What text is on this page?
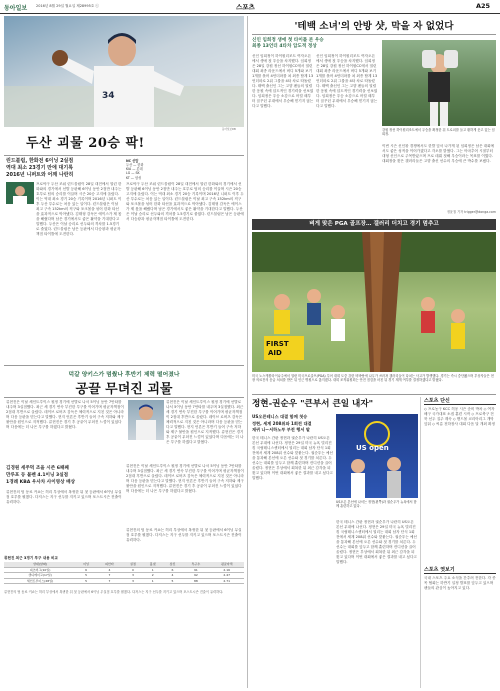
동아일보	2016년 8월 29일 월요일 제28995호 ⓒ	스포츠	A25
34
동아일보DB
두산 괴물 20승 팍!
린드블럼, 한화전 6이닝 2실점
역대 최소 23경기 만에 대기록
2016년 니퍼트와 어깨 나란히
NC 선발
두산 — 한화
KIA — 롯데
LG — SK
KT — 삼성
프로야구 두산 조쉬 린드블럼이 28일 대전에서 열린 한화와의 경기에서 선발 등판해 6이닝 동안 2점만 내주는 호투로 팀의 승리를 이끌며 시즌 20승 고지에 올랐다. 이는 역대 최소 경기 20승 기록이며 2016년 니퍼트 이후 두산 투수로는 처음 있는 일이다. 린드블럼은 이날 최고 구속 152km의 직구와 포크볼을 섞어 한화 타선을 효과적으로 막아냈다. 김태형 감독은 에이스가 제 몫을 해줬다며 남은 경기에서도 좋은 활약을 기대한다고 말했다. 두산은 이날 승리로 선두와의 격차를 1.5경기로 줄였다. 린드블럼은 남은 등판에서 다승왕과 평균자책점 타이틀에 도전한다.
프로야구 두산 조쉬 린드블럼이 28일 대전에서 열린 한화와의 경기에서 선발 등판해 6이닝 동안 2점만 내주는 호투로 팀의 승리를 이끌며 시즌 20승 고지에 올랐다. 이는 역대 최소 경기 20승 기록이며 2016년 니퍼트 이후 두산 투수로는 처음 있는 일이다. 린드블럼은 이날 최고 구속 152km의 직구와 포크볼을 섞어 한화 타선을 효과적으로 막아냈다. 김태형 감독은 에이스가 제 몫을 해줬다며 남은 경기에서도 좋은 활약을 기대한다고 말했다. 두산은 이날 승리로 선두와의 격차를 1.5경기로 줄였다. 린드블럼은 남은 등판에서 다승왕과 평균자책점 타이틀에 도전한다.
덕갈 양키스가 멈췄나 후반기 제력 떨어졌나
공끌 무뎌진 괴물
류현진은 이날 세인트루이스 원정 경기에 선발로 나서 5이닝 동안 7안타를 내주며 3실점했다. 최근 세 경기 연속 부진한 투구를 이어가며 평균자책점이 2점대 후반으로 올랐다. 데이브 로버츠 감독은 체력적으로 지친 것은 아니라며 다음 등판을 믿는다고 말했다. 현지 언론은 후반기 들어 구속 저하와 제구 불안을 원인으로 지적했다. 류현진은 경기 후 공끝이 무뎌진 느낌이 있었다며 다음에는 더 나은 투구를 하겠다고 밝혔다.
류현진은 이날 세인트루이스 원정 경기에 선발로 나서 5이닝 동안 7안타를 내주며 3실점했다. 최근 세 경기 연속 부진한 투구를 이어가며 평균자책점이 2점대 후반으로 올랐다. 데이브 로버츠 감독은 체력적으로 지친 것은 아니라며 다음 등판을 믿는다고 말했다. 현지 언론은 후반기 들어 구속 저하와 제구 불안을 원인으로 지적했다. 류현진은 경기 후 공끝이 무뎌진 느낌이 있었다며 다음에는 더 나은 투구를 하겠다고 밝혔다.
김경원 세주먹 조을 시즌 6패째
만루포 등 불펜 4.1이닝 3실점
1경례 KBA 우사차 사이영상 배상
류현진은 이날 세인트루이스 원정 경기에 선발로 나서 5이닝 동안 7안타를 내주며 3실점했다. 최근 세 경기 연속 부진한 투구를 이어가며 평균자책점이 2점대 후반으로 올랐다. 데이브 로버츠 감독은 체력적으로 지친 것은 아니라며 다음 등판을 믿는다고 말했다. 현지 언론은 후반기 들어 구속 저하와 제구 불안을 원인으로 지적했다. 류현진은 경기 후 공끝이 무뎌진 느낌이 있었다며 다음에는 더 나은 투구를 하겠다고 밝혔다.
류현진의 팀 동료 커쇼는 허리 부상에서 복귀한 뒤 첫 등판에서 6이닝 무실점 호투를 펼쳤다. 다저스는 지구 선두를 지키고 있으며 포스트시즌 진출이 유력하다.
류현진의 팀 동료 커쇼는 허리 부상에서 복귀한 뒤 첫 등판에서 6이닝 무실점 호투를 펼쳤다. 다저스는 지구 선두를 지키고 있으며 포스트시즌 진출이 유력하다.
류현진 최근 3경기 투구 내용 비교
상대(날짜)	이닝	피안타	실점	볼넷	삼진	투구수	평균자책
피츠버그(10일)	6	4	0	1	6	91	2.16
샌디에이고(17일)	5	7	3	2	4	92	2.47
세인트루이스(28일)	5	7	3	1	5	88	2.71
류현진의 팀 동료 커쇼는 허리 부상에서 복귀한 뒤 첫 등판에서 6이닝 무실점 호투를 펼쳤다. 다저스는 지구 선두를 지키고 있으며 포스트시즌 진출이 유력하다.
'테백 소녀'의 안방 샷, 막을 자 없었다
신인 임희정 생애 첫 타이틀 본 우승
최종 13언더 4타차 압도적 정상
신인 임희정이 하이원리조트 여자오픈에서 생애 첫 우승을 차지했다. 임희정은 28일 강원 정선 하이원CC에서 열린 대회 최종 라운드에서 버디 5개와 보기 1개를 묶어 4언더파를 쳐 최종 합계 13언더파로 2위 그룹을 4타 차로 따돌렸다. 태백 출신인 그는 고향 팬들의 열렬한 응원 속에 압도적인 경기력을 선보였다. 임희정은 우승 소감으로 어릴 때부터 꿈꾸던 무대에서 우승해 믿기지 않는다고 말했다.
신인 임희정이 하이원리조트 여자오픈에서 생애 첫 우승을 차지했다. 임희정은 28일 강원 정선 하이원CC에서 열린 대회 최종 라운드에서 버디 5개와 보기 1개를 묶어 4언더파를 쳐 최종 합계 13언더파로 2위 그룹을 4타 차로 따돌렸다. 태백 출신인 그는 고향 팬들의 열렬한 응원 속에 압도적인 경기력을 선보였다. 임희정은 우승 소감으로 어릴 때부터 꿈꾸던 무대에서 우승해 믿기지 않는다고 말했다.
강원 정선 하이원리조트에서 우승을 확정한 뒤 트로피를 들고 환하게 웃고 있는 임희정.
이번 시즌 신인왕 경쟁에서도 한발 앞서 나가게 된 임희정은 남은 대회에서도 좋은 성적을 이어가겠다고 각오를 밝혔다. 그는 아마추어 시절부터 대형 신인으로 주목받았으며 프로 데뷔 첫해 우승이라는 목표를 이뤘다. 대회장을 찾은 갤러리들은 고향 출신 선수의 우승에 큰 박수를 보냈다.
정윤철 기자 trigger@donga.com
벼게 맞은 PGA 골프장… 갤러리 더치고 경기 멈추고
FIRST
AID
미국 노스캐롤라이나주에서 열린 미국프로골프(PGA) 투어 대회 도중 강한 비바람에 나무가 쓰러져 갤러리들이 다치는 사고가 발생했다. 경기는 즉시 중단됐으며 부상자들은 현장 의료진의 응급 처치를 받은 뒤 인근 병원으로 옮겨졌다. 대회 조직위원회는 안전 점검을 마친 뒤 경기 재개 여부를 결정하겠다고 밝혔다.
정현-권순우 "큰부서 큰일 내자"
US오픈테니스 대결 함께 첫승
정현, 세계 208위와 1회전 대결
재귀 나~서하노부 부전 행서 말
US open
US오픈 본선에 나서는 정현(왼쪽)과 권순우가 뉴욕에서 함께 훈련하고 있다.
한국 테니스 간판 정현과 권순우가 나란히 US오픈 본선 무대에 나선다. 정현은 29일 미국 뉴욕 빌리진킹 국립테니스센터에서 열리는 대회 남자 단식 1회전에서 세계 208위 선수와 맞붙는다. 권순우는 예선을 통과해 본선에 오른 선수와 첫 경기를 치른다. 두 선수는 대회를 앞두고 함께 훈련하며 컨디션을 끌어올렸다. 정현은 부상에서 회복한 뒤 최근 감각을 되찾고 있다며 이번 대회에서 좋은 결과를 내고 싶다고 말했다.
한국 테니스 간판 정현과 권순우가 나란히 US오픈 본선 무대에 나선다. 정현은 29일 미국 뉴욕 빌리진킹 국립테니스센터에서 열리는 대회 남자 단식 1회전에서 세계 208위 선수와 맞붙는다. 권순우는 예선을 통과해 본선에 오른 선수와 첫 경기를 치른다. 두 선수는 대회를 앞두고 함께 훈련하며 컨디션을 끌어올렸다. 정현은 부상에서 회복한 뒤 최근 감각을 되찾고 있다며 이번 대회에서 좋은 결과를 내고 싶다고 말했다.
스포츠 단신
◇ 프로농구 KCC 허웅 시즌 준비 박차 ◇ 여자배구 국가대표 소집 훈련 시작 ◇ 프로축구 전북 선두 질주 계속 ◇ 핸드볼 코리아리그 개막 앞둬 ◇ 씨름 천하장사 대회 다음 달 개최 확정
스포츠 엿보기
국내 스포츠 주요 소식을 간추려 전한다. 각 종목 협회는 하반기 일정 발표를 앞두고 있으며 팬들의 관심이 높아지고 있다.
